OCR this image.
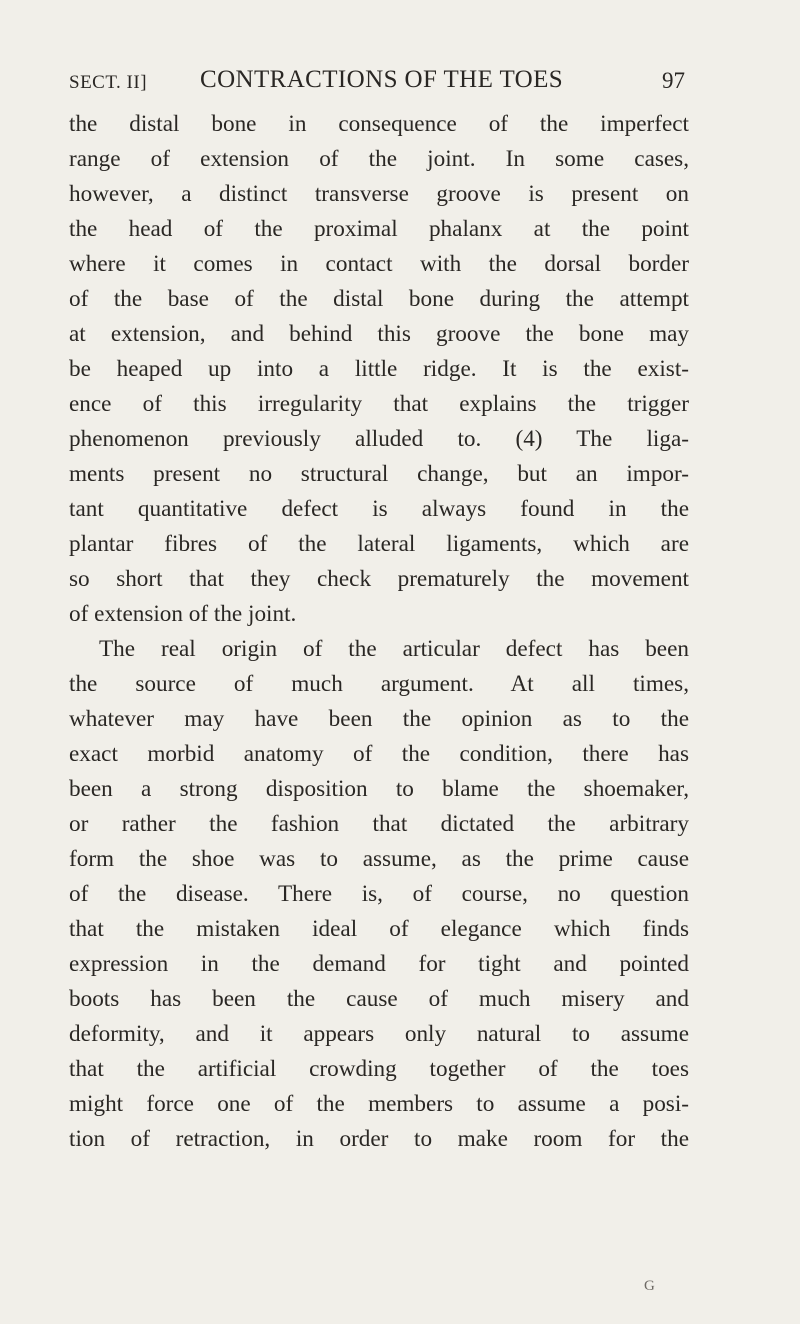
SECT. II] CONTRACTIONS OF THE TOES	97
the distal bone in consequence of the imperfect
range of extension of the joint. In some cases,
however, a distinct transverse groove is present on
the head of the proximal phalanx at the point
where it comes in contact with the dorsal border
of the base of the distal bone during the attempt
at extension, and behind this groove the bone may
be heaped up into a little ridge. It is the exist-
ence of this irregularity that explains the trigger
phenomenon previously alluded to. (4) The liga-
ments present no structural change, but an impor-
tant quantitative defect is always found in the
plantar fibres of the lateral ligaments, which are
so short that they check prematurely the movement
of extension of the joint.
The real origin of the articular defect has been
the source of much argument. At all times,
whatever may have been the opinion as to the
exact morbid anatomy of the condition, there has
been a strong disposition to blame the shoemaker,
or rather the fashion that dictated the arbitrary
form the shoe was to assume, as the prime cause
of the disease. There is, of course, no question
that the mistaken ideal of elegance which finds
expression in the demand for tight and pointed
boots has been the cause of much misery and
deformity, and it appears only natural to assume
that the artificial crowding together of the toes
might force one of the members to assume a posi-
tion of retraction, in order to make room for the
G
